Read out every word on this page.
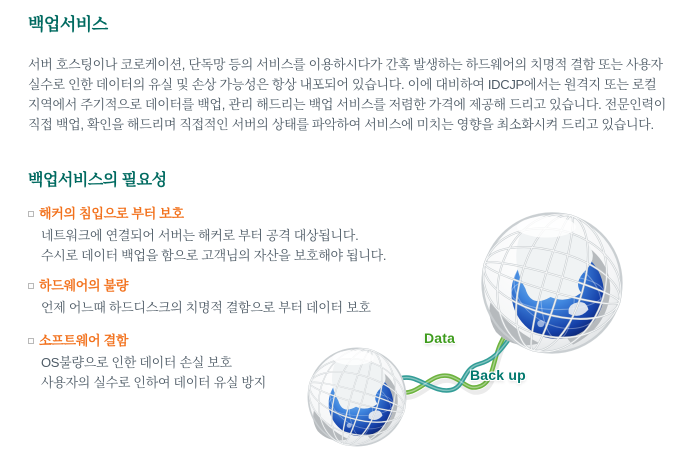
백업서비스
서버 호스팅이나 코로케이션, 단독망 등의 서비스를 이용하시다가 간혹 발생하는 하드웨어의 치명적 결함 또는 사용자
실수로 인한 데이터의 유실 및 손상 가능성은 항상 내포되어 있습니다. 이에 대비하여 IDCJP에서는 원격지 또는 로컬
지역에서 주기적으로 데이터를 백업, 관리 해드리는 백업 서비스를 저렴한 가격에 제공해 드리고 있습니다. 전문인력이
직접 백업, 확인을 해드리며 직접적인 서버의 상태를 파악하여 서비스에 미치는 영향을 최소화시켜 드리고 있습니다.
백업서비스의 필요성
해커의 침입으로 부터 보호
네트워크에 연결되어 서버는 해커로 부터 공격 대상됩니다.
수시로 데이터 백업을 함으로 고객님의 자산을 보호해야 됩니다.
하드웨어의 불량
언제 어느때 하드디스크의 치명적 결함으로 부터 데이터 보호
소프트웨어 결함
OS불량으로 인한 데이터 손실 보호
사용자의 실수로 인하여 데이터 유실 방지
Data
Back up
